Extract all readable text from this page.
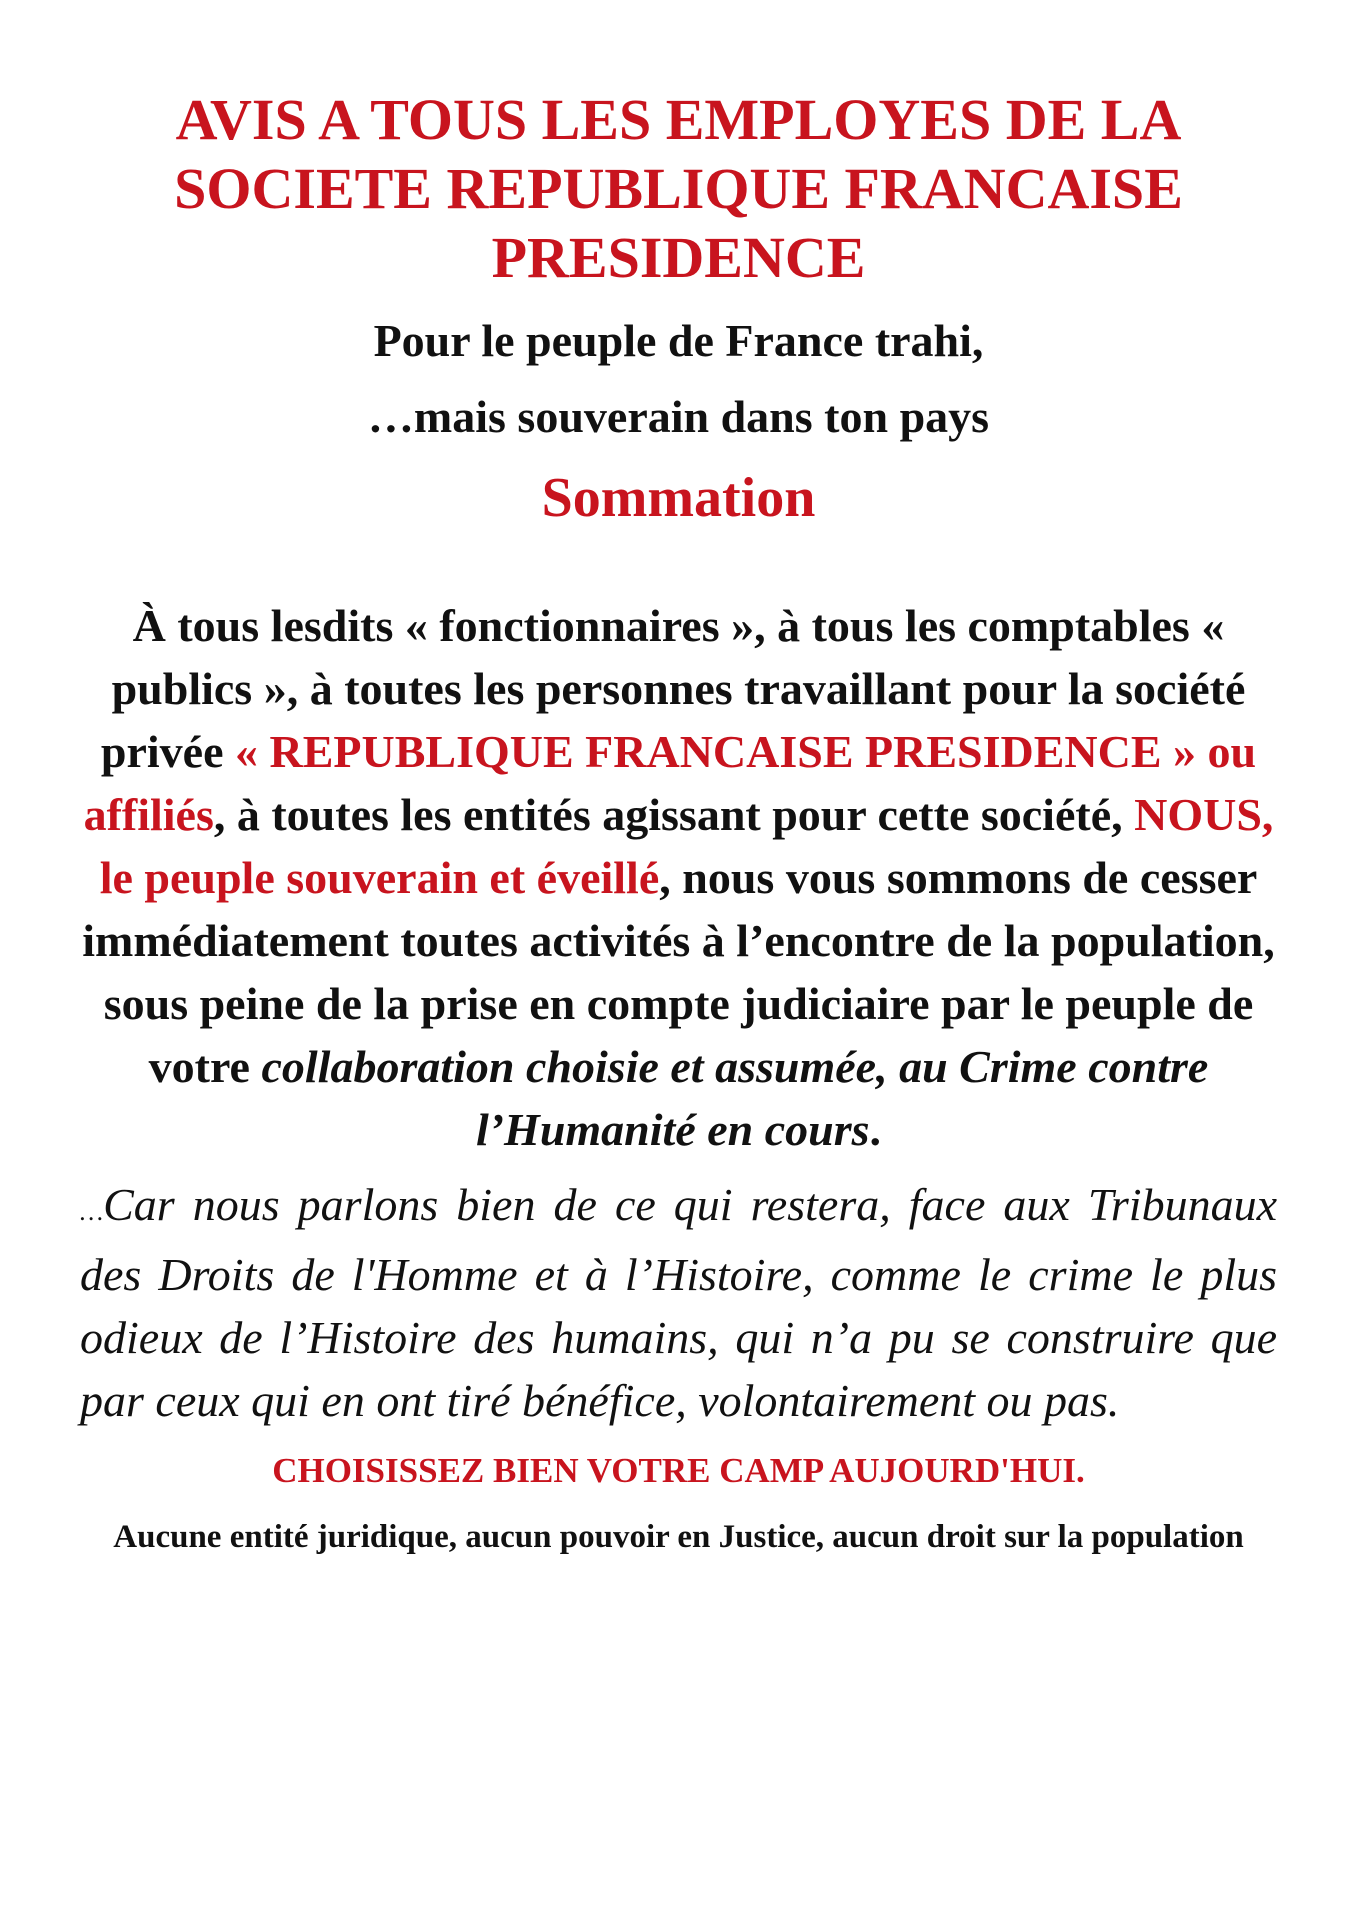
AVIS A TOUS LES EMPLOYES DE LA
SOCIETE REPUBLIQUE FRANCAISE
PRESIDENCE

Pour le peuple de France trahi,

…mais souverain dans ton pays

Sommation

À tous lesdits « fonctionnaires », à tous les comptables « publics », à toutes les personnes travaillant pour la société privée « REPUBLIQUE FRANCAISE PRESIDENCE » ou affiliés, à toutes les entités agissant pour cette société, NOUS, le peuple souverain et éveillé, nous vous sommons de cesser immédiatement toutes activités à l’encontre de la population, sous peine de la prise en compte judiciaire par le peuple de votre collaboration choisie et assumée, au Crime contre l’Humanité en cours.

…Car nous parlons bien de ce qui restera, face aux Tribunaux des Droits de l'Homme et à l’Histoire, comme le crime le plus odieux de l’Histoire des humains, qui n’a pu se construire que par ceux qui en ont tiré bénéfice, volontairement ou pas.

CHOISISSEZ BIEN VOTRE CAMP AUJOURD'HUI.

Aucune entité juridique, aucun pouvoir en Justice, aucun droit sur la population
